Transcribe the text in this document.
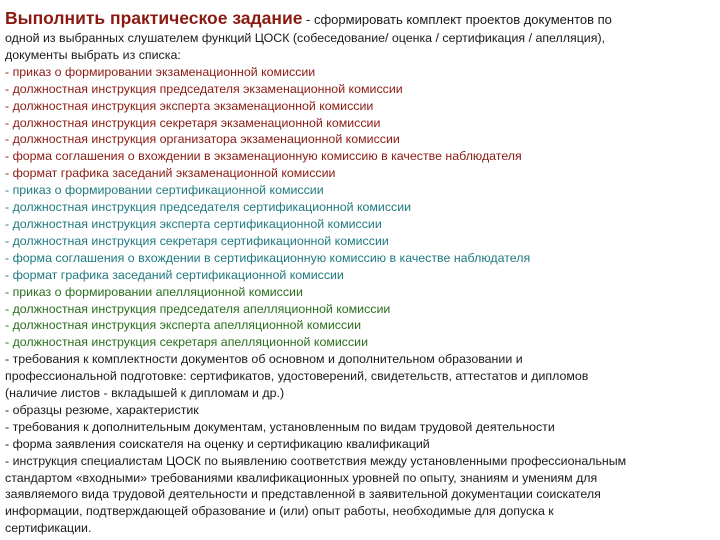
Выполнить практическое задание - сформировать комплект проектов документов по
одной из выбранных слушателем функций ЦОСК (собеседование/ оценка / сертификация / апелляция),
документы выбрать из списка:
- приказ о формировании экзаменационной комиссии
- должностная инструкция председателя экзаменационной комиссии
- должностная инструкция эксперта экзаменационной комиссии
- должностная инструкция секретаря экзаменационной комиссии
- должностная инструкция организатора экзаменационной комиссии
- форма соглашения о вхождении в экзаменационную комиссию в качестве наблюдателя
- формат графика заседаний экзаменационной комиссии
- приказ о формировании сертификационной комиссии
- должностная инструкция председателя сертификационной комиссии
- должностная инструкция эксперта сертификационной комиссии
- должностная инструкция секретаря сертификационной комиссии
- форма соглашения о вхождении в сертификационную комиссию в качестве наблюдателя
- формат графика заседаний сертификационной комиссии
- приказ о формировании апелляционной комиссии
- должностная инструкция председателя апелляционной комиссии
- должностная инструкция эксперта апелляционной комиссии
- должностная инструкция секретаря апелляционной комиссии
- требования к комплектности документов об основном и дополнительном образовании и
профессиональной подготовке: сертификатов, удостоверений, свидетельств, аттестатов и дипломов
(наличие листов - вкладышей к дипломам и др.)
- образцы резюме, характеристик
- требования к дополнительным документам, установленным по видам трудовой деятельности
- форма заявления соискателя на оценку и сертификацию квалификаций
- инструкция специалистам ЦОСК по выявлению соответствия между установленными профессиональным
стандартом «входными» требованиями квалификационных уровней по опыту, знаниям и умениям для
заявляемого вида трудовой деятельности и представленной в заявительной документации соискателя
информации, подтверждающей образование и (или) опыт работы, необходимые для допуска к
сертификации.
